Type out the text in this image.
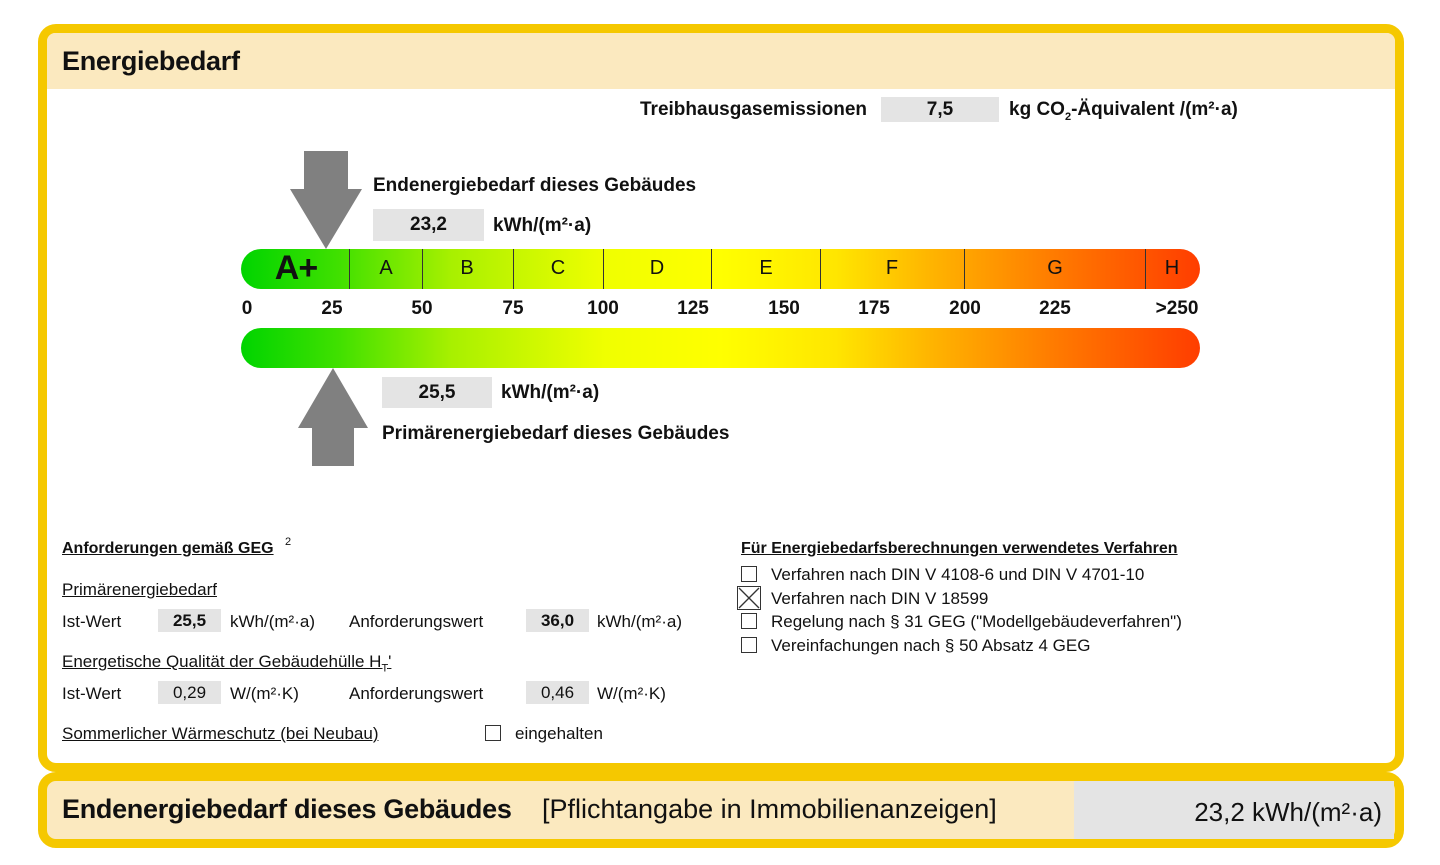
Energiebedarf
Treibhausgasemissionen	7,5	kg $CO_2$-Äquivalent /(m²·a)
Endenergiebedarf dieses Gebäudes
23,2	kWh/(m²·a)
A+	A	B	C	D	E	F	G	H
0	25	50	75	100	125	150	175	200	225	>250
25,5	kWh/(m²·a)
Primärenergiebedarf dieses Gebäudes
Anforderungen gemäß GEG 2
Primärenergiebedarf
Ist-Wert	25,5	kWh/(m²·a) Anforderungswert	36,0	kWh/(m²·a)
Energetische Qualität der Gebäudehülle $H_T'$
Ist-Wert	0,29	W/(m²·K)	Anforderungswert	0,46	W/(m²·K)
Sommerlicher Wärmeschutz (bei Neubau)	eingehalten
Für Energiebedarfsberechnungen verwendetes Verfahren
Verfahren nach DIN V 4108-6 und DIN V 4701-10
Verfahren nach DIN V 18599
Regelung nach § 31 GEG ("Modellgebäudeverfahren")
Vereinfachungen nach § 50 Absatz 4 GEG
Endenergiebedarf dieses Gebäudes [Pflichtangabe in Immobilienanzeigen]	23,2 kWh/(m²·a)
